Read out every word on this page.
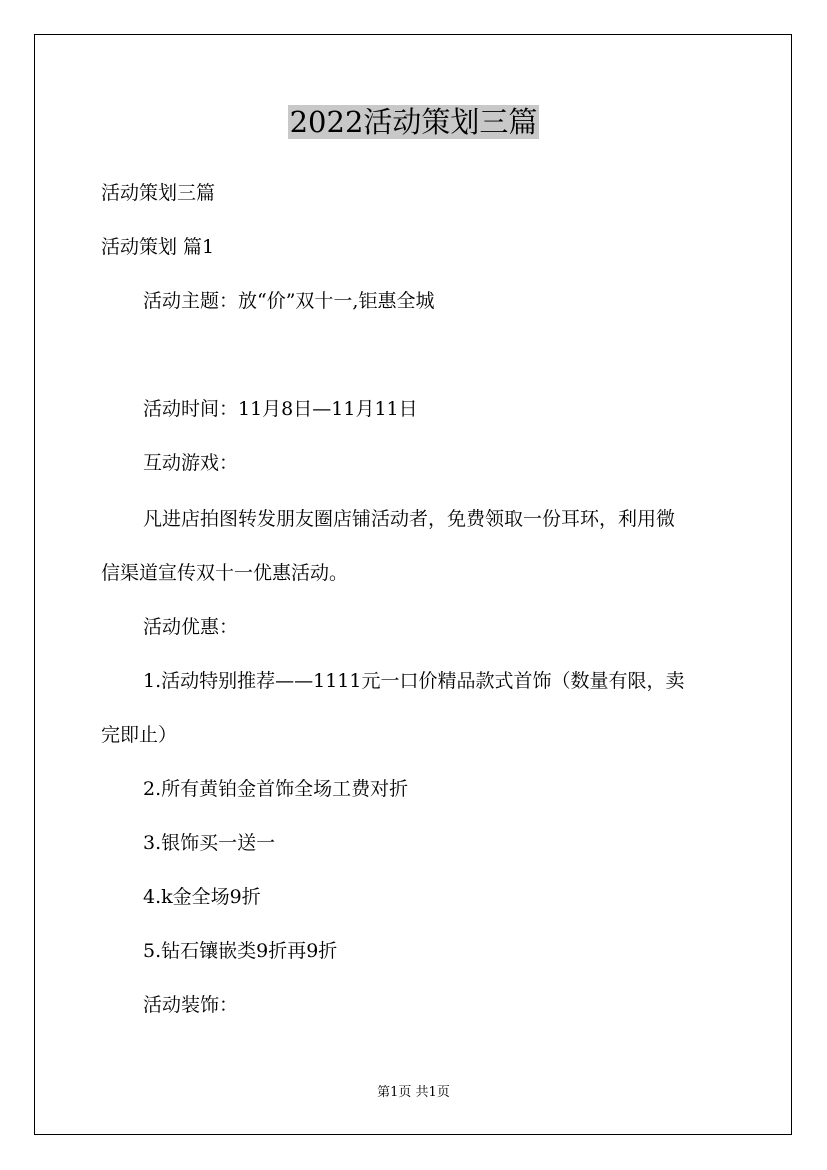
2022活动策划三篇
活动策划三篇
活动策划 篇1
活动主题：放“价”双十一,钜惠全城
活动时间：11月8日—11月11日
互动游戏：
凡进店拍图转发朋友圈店铺活动者，免费领取一份耳环，利用微
信渠道宣传双十一优惠活动。
活动优惠：
1.活动特别推荐——1111元一口价精品款式首饰（数量有限，卖
完即止）
2.所有黄铂金首饰全场工费对折
3.银饰买一送一
4.k金全场9折
5.钻石镶嵌类9折再9折
活动装饰：
第1页 共1页
